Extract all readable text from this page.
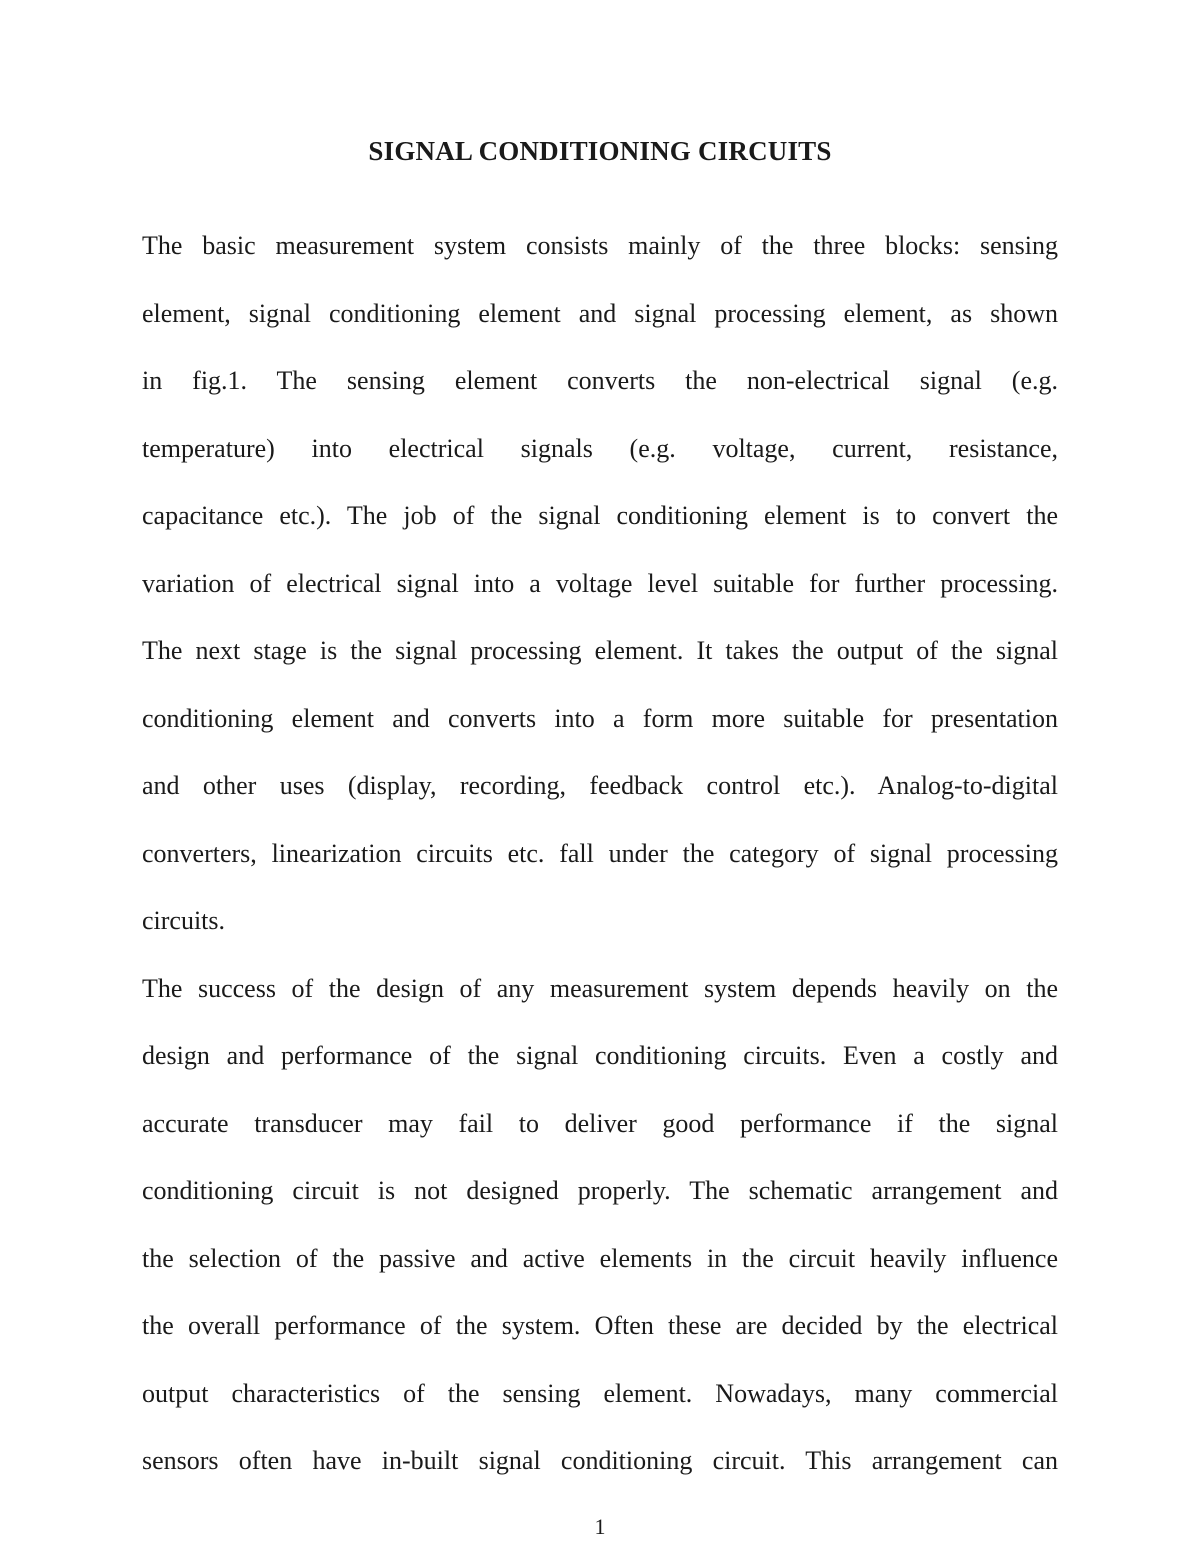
SIGNAL CONDITIONING CIRCUITS
The basic measurement system consists mainly of the three blocks: sensing
element, signal conditioning element and signal processing element, as shown
in fig.1. The sensing element converts the non-electrical signal (e.g.
temperature) into electrical signals (e.g. voltage, current, resistance,
capacitance etc.). The job of the signal conditioning element is to convert the
variation of electrical signal into a voltage level suitable for further processing.
The next stage is the signal processing element. It takes the output of the signal
conditioning element and converts into a form more suitable for presentation
and other uses (display, recording, feedback control etc.). Analog-to-digital
converters, linearization circuits etc. fall under the category of signal processing
circuits.
The success of the design of any measurement system depends heavily on the
design and performance of the signal conditioning circuits. Even a costly and
accurate transducer may fail to deliver good performance if the signal
conditioning circuit is not designed properly. The schematic arrangement and
the selection of the passive and active elements in the circuit heavily influence
the overall performance of the system. Often these are decided by the electrical
output characteristics of the sensing element. Nowadays, many commercial
sensors often have in-built signal conditioning circuit. This arrangement can
1
